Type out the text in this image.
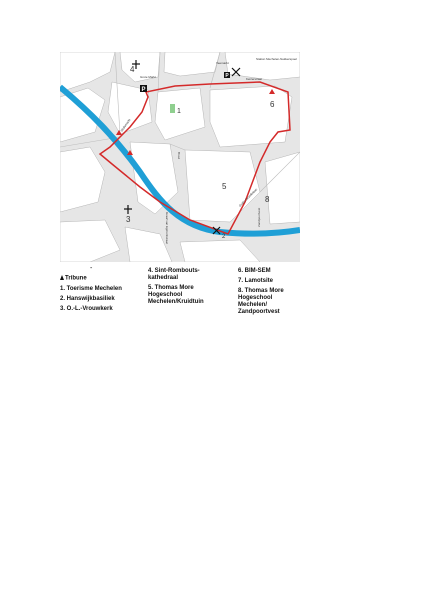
P
P
4
1
6
5
8
3
2
Grote Markt
Veemarkt
Keizerstraat
Station Mechelen-Nekkerspoel
Wollemarkt
Bruul
Graaf van Egmontstraat
Guido Gezellelaan
Zandpoortvest
-

Tribune

1. Toerisme Mechelen
2. Hanswijkbasiliek
3. O.-L.-Vrouwkerk
4. Sint-Rombouts-
kathedraal
5. Thomas More
Hogeschool
Mechelen/Kruidtuin
6. BIM-SEM
7. Lamotsite
8. Thomas More
Hogeschool
Mechelen/
Zandpoortvest
